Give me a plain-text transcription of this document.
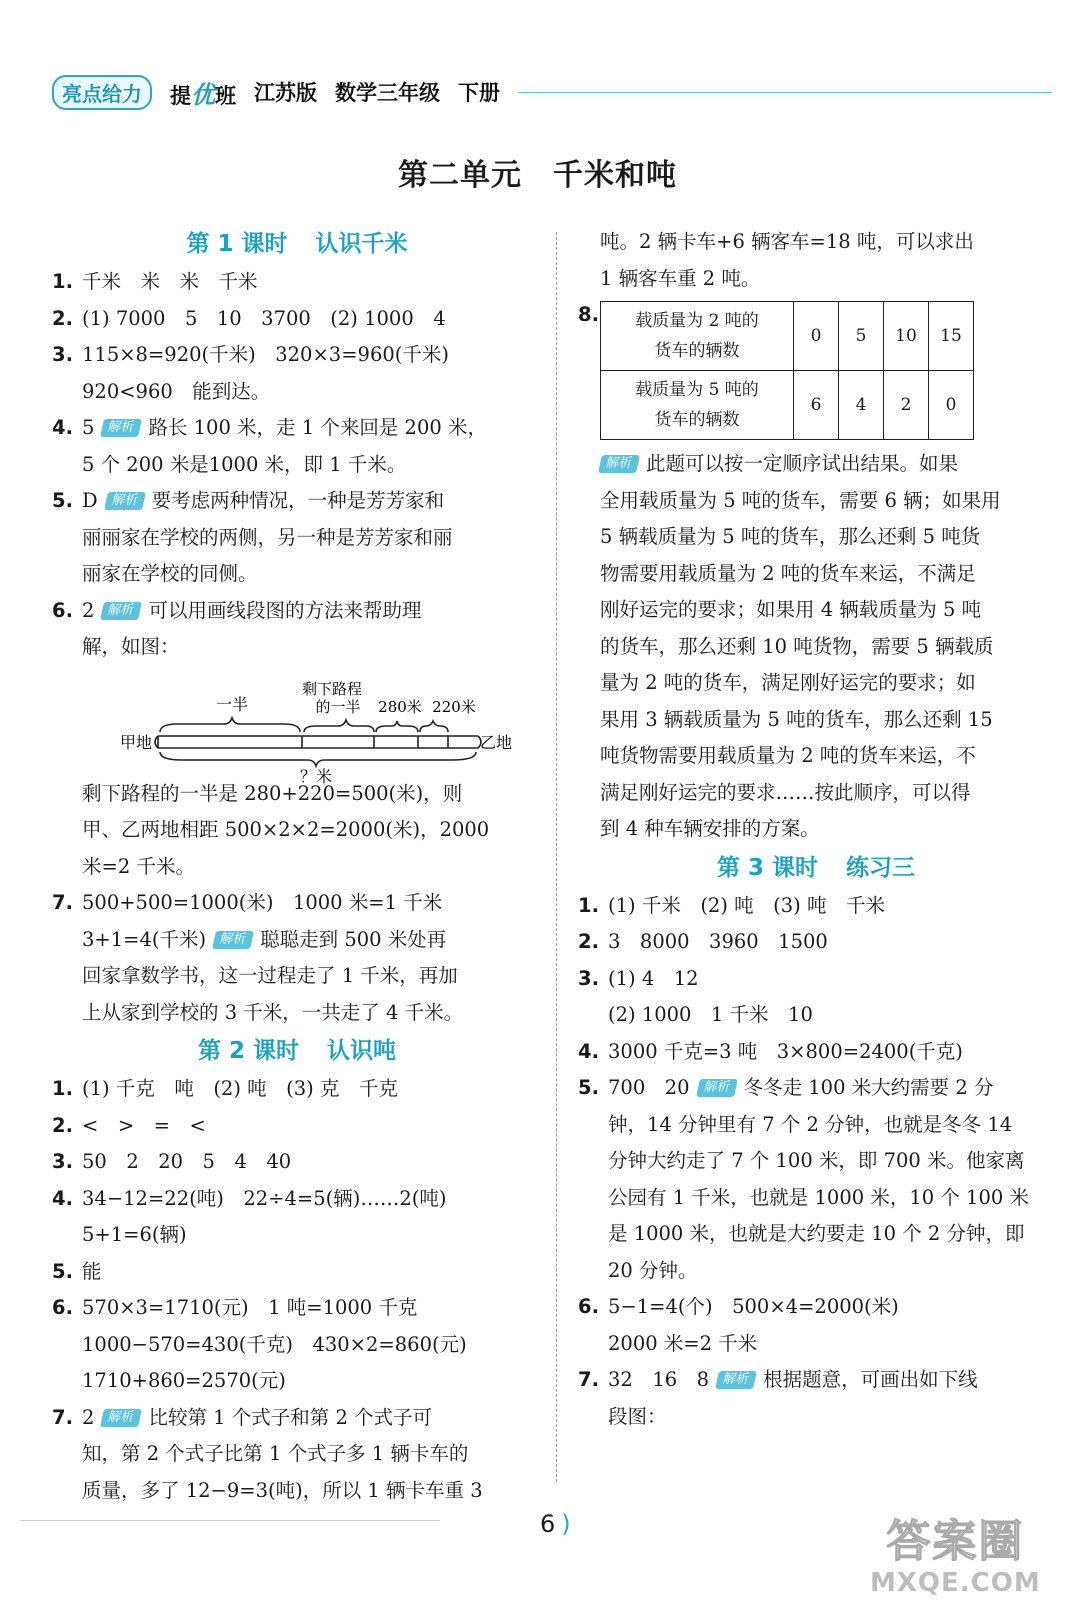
亮点给力	提优班 江苏版 数学三年级 下册
第二单元　千米和吨
第 1 课时 认识千米
1. 千米　米　米　千米
2. (1) 7000　5　10　3700　(2) 1000　4
3. 115×8=920(千米)　320×3=960(千米)
920<960　能到达。
4. 5 解析 路长 100 米，走 1 个来回是 200 米，
5 个 200 米是1000 米，即 1 千米。
5. D 解析 要考虑两种情况，一种是芳芳家和
丽丽家在学校的两侧，另一种是芳芳家和丽
丽家在学校的同侧。
6. 2 解析 可以用画线段图的方法来帮助理
解，如图：
一半
剩下路程
的一半 280米 220米
甲地	乙地
？米
剩下路程的一半是 280+220=500(米)，则
甲、乙两地相距 500×2×2=2000(米)，2000
米=2 千米。
7. 500+500=1000(米)　1000 米=1 千米
3+1=4(千米) 解析 聪聪走到 500 米处再
回家拿数学书，这一过程走了 1 千米，再加
上从家到学校的 3 千米，一共走了 4 千米。
第 2 课时 认识吨
1. (1) 千克　吨　(2) 吨　(3) 克　千克
2. <　>　=　<
3. 50　2　20　5　4　40
4. 34−12=22(吨)　22÷4=5(辆)……2(吨)
5+1=6(辆)
5. 能
6. 570×3=1710(元)　1 吨=1000 千克
1000−570=430(千克)　430×2=860(元)
1710+860=2570(元)
7. 2 解析 比较第 1 个式子和第 2 个式子可
知，第 2 个式子比第 1 个式子多 1 辆卡车的
质量，多了 12−9=3(吨)，所以 1 辆卡车重 3
吨。2 辆卡车+6 辆客车=18 吨，可以求出
1 辆客车重 2 吨。
8.	载质量为 2 吨的
货车的辆数	0	5	10	15

载质量为 5 吨的
货车的辆数	6	4	2	0
解析 此题可以按一定顺序试出结果。如果
全用载质量为 5 吨的货车，需要 6 辆；如果用
5 辆载质量为 5 吨的货车，那么还剩 5 吨货
物需要用载质量为 2 吨的货车来运，不满足
刚好运完的要求；如果用 4 辆载质量为 5 吨
的货车，那么还剩 10 吨货物，需要 5 辆载质
量为 2 吨的货车，满足刚好运完的要求；如
果用 3 辆载质量为 5 吨的货车，那么还剩 15
吨货物需要用载质量为 2 吨的货车来运，不
满足刚好运完的要求……按此顺序，可以得
到 4 种车辆安排的方案。
第 3 课时 练习三
1. (1) 千米　(2) 吨　(3) 吨　千米
2. 3　8000　3960　1500
3. (1) 4　12
(2) 1000　1 千米　10
4. 3000 千克=3 吨　3×800=2400(千克)
5. 700　20 解析 冬冬走 100 米大约需要 2 分
钟，14 分钟里有 7 个 2 分钟，也就是冬冬 14
分钟大约走了 7 个 100 米，即 700 米。他家离
公园有 1 千米，也就是 1000 米，10 个 100 米
是 1000 米，也就是大约要走 10 个 2 分钟，即
20 分钟。
6. 5−1=4(个)　500×4=2000(米)
2000 米=2 千米
7. 32　16　8 解析 根据题意，可画出如下线
段图：
6 )	答案圈
MXQE.COM
